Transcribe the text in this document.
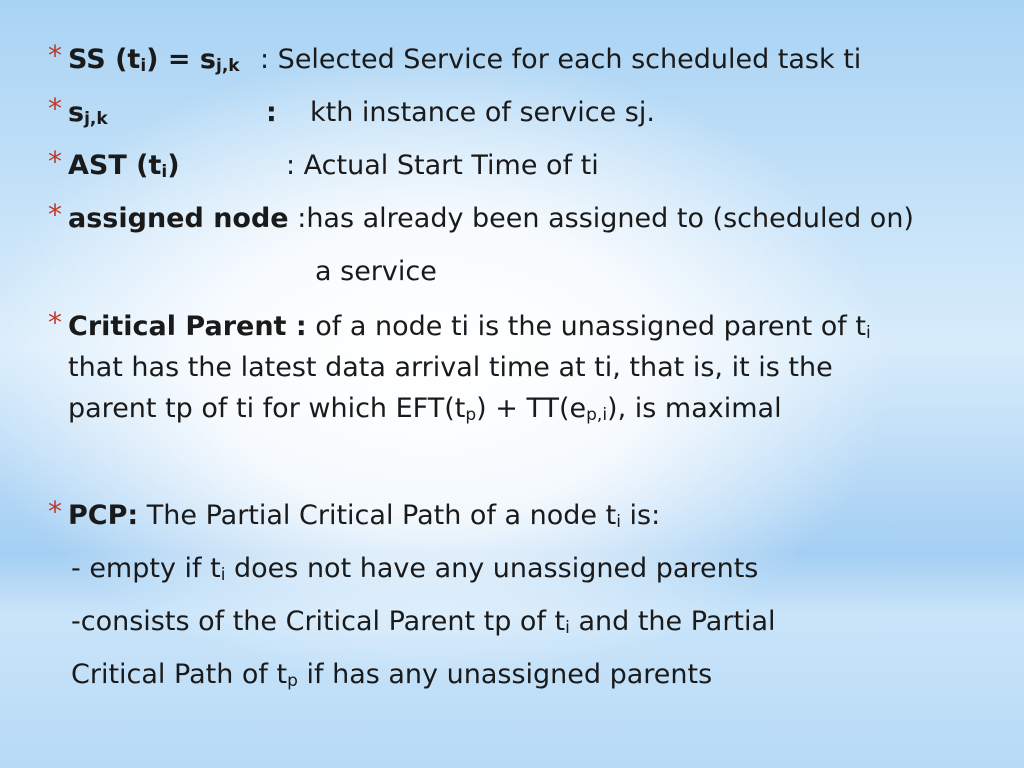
* SS (ti) = sj,k : Selected Service for each scheduled task ti
* sj,k	: kth instance of service sj.
* AST (ti)	: Actual Start Time of ti
* assigned node :has already been assigned to (scheduled on)
a service
* Critical Parent : of a node ti is the unassigned parent of ti
that has the latest data arrival time at ti, that is, it is the
parent tp of ti for which EFT(tp) + TT(ep,i), is maximal
* PCP: The Partial Critical Path of a node ti is:
- empty if ti does not have any unassigned parents
-consists of the Critical Parent tp of ti and the Partial
Critical Path of tp if has any unassigned parents
